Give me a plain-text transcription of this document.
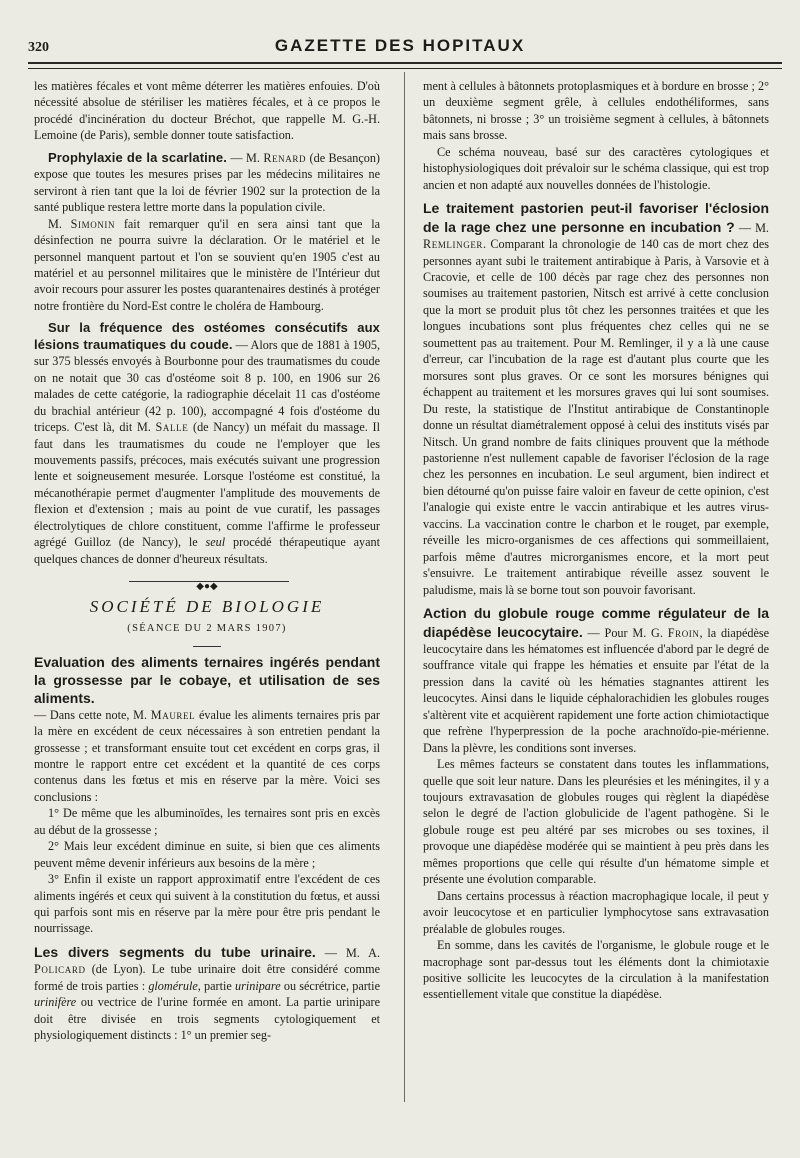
320	GAZETTE DES HOPITAUX

les matières fécales et vont même déterrer les matières enfouies. D'où nécessité absolue de stériliser les matières fécales, et à ce propos le procédé d'incinération du docteur Bréchot, que rappelle M. G.-H. Lemoine (de Paris), semble donner toute satisfaction.

Prophylaxie de la scarlatine. — M. Renard (de Besançon) expose que toutes les mesures prises par les médecins militaires ne serviront à rien tant que la loi de février 1902 sur la protection de la santé publique restera lettre morte dans la population civile.

M. Simonin fait remarquer qu'il en sera ainsi tant que la désinfection ne pourra suivre la déclaration. Or le matériel et le personnel manquent partout et l'on se souvient qu'en 1905 c'est au matériel et au personnel militaires que le ministère de l'Intérieur dut avoir recours pour assurer les postes quarantenaires destinés à protéger notre frontière du Nord-Est contre le choléra de Hambourg.

Sur la fréquence des ostéomes consécutifs aux lésions traumatiques du coude. — Alors que de 1881 à 1905, sur 375 blessés envoyés à Bourbonne pour des traumatismes du coude on ne notait que 30 cas d'ostéome soit 8 p. 100, en 1906 sur 26 malades de cette catégorie, la radiographie décelait 11 cas d'ostéome du brachial antérieur (42 p. 100), accompagné 4 fois d'ostéome du triceps. C'est là, dit M. Salle (de Nancy) un méfait du massage. Il faut dans les traumatismes du coude ne l'employer que les mouvements passifs, précoces, mais exécutés suivant une progression lente et soigneusement mesurée. Lorsque l'ostéome est constitué, la mécanothérapie permet d'augmenter l'amplitude des mouvements de flexion et d'extension ; mais au point de vue curatif, les passages électrolytiques de chlore constituent, comme l'affirme le professeur agrégé Guilloz (de Nancy), le seul procédé thérapeutique ayant quelques chances de donner d'heureux résultats.

◆●◆
SOCIÉTÉ DE BIOLOGIE
(SÉANCE DU 2 MARS 1907)

Evaluation des aliments ternaires ingérés pendant la grossesse par le cobaye, et utilisation de ses aliments.

— Dans cette note, M. Maurel évalue les aliments ternaires pris par la mère en excédent de ceux nécessaires à son entretien pendant la grossesse ; et transformant ensuite tout cet excédent en corps gras, il montre le rapport entre cet excédent et la quantité de ces corps contenus dans les fœtus et mis en réserve par la mère. Voici ses conclusions :

1° De même que les albuminoïdes, les ternaires sont pris en excès au début de la grossesse ;

2° Mais leur excédent diminue en suite, si bien que ces aliments peuvent même devenir inférieurs aux besoins de la mère ;

3° Enfin il existe un rapport approximatif entre l'excédent de ces aliments ingérés et ceux qui suivent à la constitution du fœtus, et aussi qui parfois sont mis en réserve par la mère pour être pris pendant le nourrissage.

Les divers segments du tube urinaire. — M. A. Policard (de Lyon). Le tube urinaire doit être considéré comme formé de trois parties : glomérule, partie urinipare ou sécrétrice, partie urinifère ou vectrice de l'urine formée en amont. La partie urinipare doit être divisée en trois segments cytologiquement et physiologiquement distincts : 1° un premier seg-

ment à cellules à bâtonnets protoplasmiques et à bordure en brosse ; 2° un deuxième segment grêle, à cellules endothéliformes, sans bâtonnets, ni brosse ; 3° un troisième segment à cellules, à bâtonnets mais sans brosse.

Ce schéma nouveau, basé sur des caractères cytologiques et histophysiologiques doit prévaloir sur le schéma classique, qui est trop ancien et non adapté aux nouvelles données de l'histologie.

Le traitement pastorien peut-il favoriser l'éclosion de la rage chez une personne en incubation ? — M. Remlinger. Comparant la chronologie de 140 cas de mort chez des personnes ayant subi le traitement antirabique à Paris, à Varsovie et à Cracovie, et celle de 100 décès par rage chez des personnes non soumises au traitement pastorien, Nitsch est arrivé à cette conclusion que la mort se produit plus tôt chez les personnes traitées et que les longues incubations sont plus fréquentes chez celles qui ne se soumettent pas au traitement. Pour M. Remlinger, il y a là une cause d'erreur, car l'incubation de la rage est d'autant plus courte que les morsures sont plus graves. Or ce sont les morsures bénignes qui échappent au traitement et les morsures graves qui lui sont soumises. Du reste, la statistique de l'Institut antirabique de Constantinople donne un résultat diamétralement opposé à celui des instituts visés par Nitsch. Un grand nombre de faits cliniques prouvent que la méthode pastorienne n'est nullement capable de favoriser l'éclosion de la rage chez les personnes en incubation. Le seul argument, bien indirect et bien détourné qu'on puisse faire valoir en faveur de cette opinion, c'est l'analogie qui existe entre le vaccin antirabique et les autres virus-vaccins. La vaccination contre le charbon et le rouget, par exemple, réveille les micro-organismes de ces affections qui sommeillaient, parfois même d'autres microrganismes encore, et la mort peut s'ensuivre. Le traitement antirabique réveille assez souvent le paludisme, mais là se borne tout son pouvoir favorisant.

Action du globule rouge comme régulateur de la diapédèse leucocytaire. — Pour M. G. Froin, la diapédèse leucocytaire dans les hématomes est influencée d'abord par le degré de souffrance vitale qui frappe les hématies et ensuite par l'état de la pression dans la cavité où les hématies stagnantes attirent les leucocytes. Ainsi dans le liquide céphalorachidien les globules rouges s'altèrent vite et acquièrent rapidement une forte action chimiotactique que refrène l'hyperpression de la poche arachnoïdo-pie-mérienne. Dans la plèvre, les conditions sont inverses.

Les mêmes facteurs se constatent dans toutes les inflammations, quelle que soit leur nature. Dans les pleurésies et les méningites, il y a toujours extravasation de globules rouges qui règlent la diapédèse selon le degré de l'action globulicide de l'agent pathogène. Si le globule rouge est peu altéré par ses microbes ou ses toxines, il provoque une diapédèse modérée qui se maintient à peu près dans les mêmes proportions que celle qui résulte d'un hématome simple et présente une évolution comparable.

Dans certains processus à réaction macrophagique locale, il peut y avoir leucocytose et en particulier lymphocytose sans extravasation préalable de globules rouges.

En somme, dans les cavités de l'organisme, le globule rouge et le macrophage sont par-dessus tout les éléments dont la chimiotaxie positive sollicite les leucocytes de la circulation à la manifestation essentiellement vitale que constitue la diapédèse.
